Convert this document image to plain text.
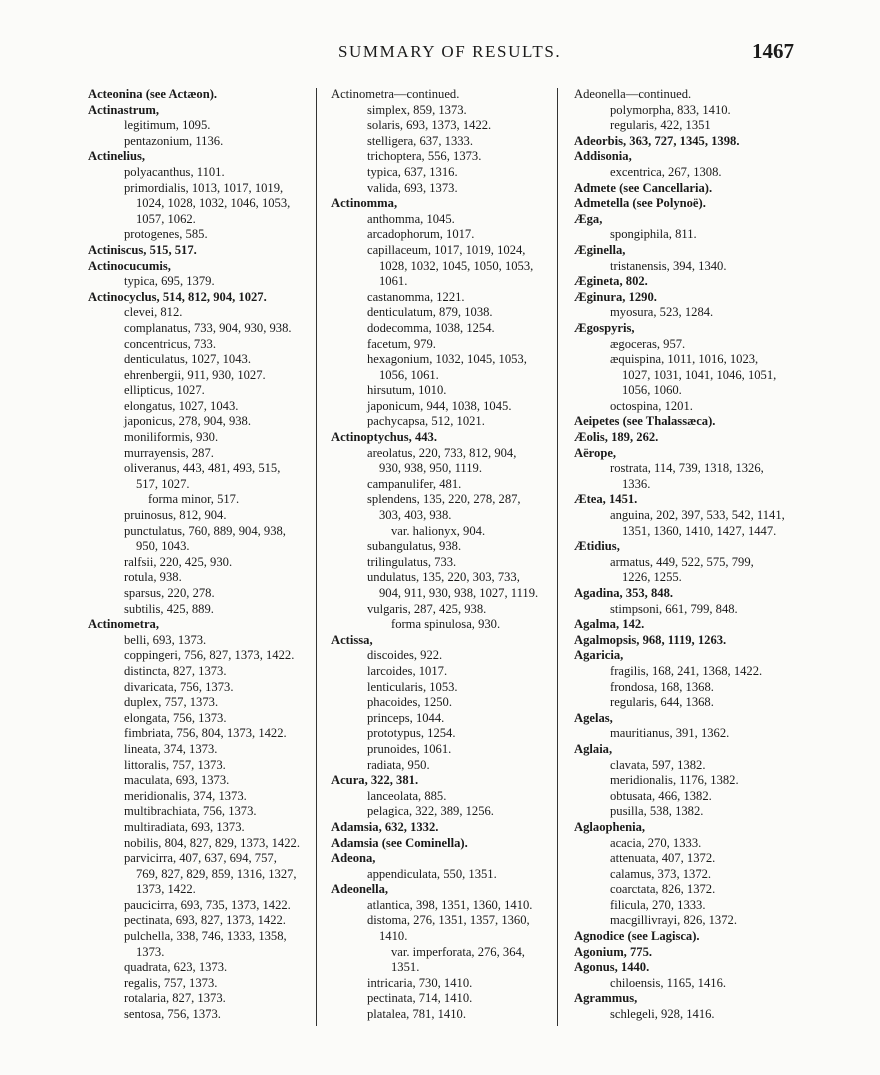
SUMMARY OF RESULTS.	1467
Acteonina (see Actæon).
Actinastrum,
legitimum, 1095.
pentazonium, 1136.
Actinelius,
polyacanthus, 1101.
primordialis, 1013, 1017, 1019,
1024, 1028, 1032, 1046, 1053,
1057, 1062.
protogenes, 585.
Actiniscus, 515, 517.
Actinocucumis,
typica, 695, 1379.
Actinocyclus, 514, 812, 904, 1027.
clevei, 812.
complanatus, 733, 904, 930, 938.
concentricus, 733.
denticulatus, 1027, 1043.
ehrenbergii, 911, 930, 1027.
ellipticus, 1027.
elongatus, 1027, 1043.
japonicus, 278, 904, 938.
moniliformis, 930.
murrayensis, 287.
oliveranus, 443, 481, 493, 515,
517, 1027.
forma minor, 517.
pruinosus, 812, 904.
punctulatus, 760, 889, 904, 938,
950, 1043.
ralfsii, 220, 425, 930.
rotula, 938.
sparsus, 220, 278.
subtilis, 425, 889.
Actinometra,
belli, 693, 1373.
coppingeri, 756, 827, 1373, 1422.
distincta, 827, 1373.
divaricata, 756, 1373.
duplex, 757, 1373.
elongata, 756, 1373.
fimbriata, 756, 804, 1373, 1422.
lineata, 374, 1373.
littoralis, 757, 1373.
maculata, 693, 1373.
meridionalis, 374, 1373.
multibrachiata, 756, 1373.
multiradiata, 693, 1373.
nobilis, 804, 827, 829, 1373, 1422.
parvicirra, 407, 637, 694, 757,
769, 827, 829, 859, 1316, 1327,
1373, 1422.
paucicirra, 693, 735, 1373, 1422.
pectinata, 693, 827, 1373, 1422.
pulchella, 338, 746, 1333, 1358,
1373.
quadrata, 623, 1373.
regalis, 757, 1373.
rotalaria, 827, 1373.
sentosa, 756, 1373.
Actinometra—continued.
simplex, 859, 1373.
solaris, 693, 1373, 1422.
stelligera, 637, 1333.
trichoptera, 556, 1373.
typica, 637, 1316.
valida, 693, 1373.
Actinomma,
anthomma, 1045.
arcadophorum, 1017.
capillaceum, 1017, 1019, 1024,
1028, 1032, 1045, 1050, 1053,
1061.
castanomma, 1221.
denticulatum, 879, 1038.
dodecomma, 1038, 1254.
facetum, 979.
hexagonium, 1032, 1045, 1053,
1056, 1061.
hirsutum, 1010.
japonicum, 944, 1038, 1045.
pachycapsa, 512, 1021.
Actinoptychus, 443.
areolatus, 220, 733, 812, 904,
930, 938, 950, 1119.
campanulifer, 481.
splendens, 135, 220, 278, 287,
303, 403, 938.
var. halionyx, 904.
subangulatus, 938.
trilingulatus, 733.
undulatus, 135, 220, 303, 733,
904, 911, 930, 938, 1027, 1119.
vulgaris, 287, 425, 938.
forma spinulosa, 930.
Actissa,
discoides, 922.
larcoides, 1017.
lenticularis, 1053.
phacoides, 1250.
princeps, 1044.
prototypus, 1254.
prunoides, 1061.
radiata, 950.
Acura, 322, 381.
lanceolata, 885.
pelagica, 322, 389, 1256.
Adamsia, 632, 1332.
Adamsia (see Cominella).
Adeona,
appendiculata, 550, 1351.
Adeonella,
atlantica, 398, 1351, 1360, 1410.
distoma, 276, 1351, 1357, 1360,
1410.
var. imperforata, 276, 364,
1351.
intricaria, 730, 1410.
pectinata, 714, 1410.
platalea, 781, 1410.
Adeonella—continued.
polymorpha, 833, 1410.
regularis, 422, 1351
Adeorbis, 363, 727, 1345, 1398.
Addisonia,
excentrica, 267, 1308.
Admete (see Cancellaria).
Admetella (see Polynoë).
Æga,
spongiphila, 811.
Æginella,
tristanensis, 394, 1340.
Ægineta, 802.
Æginura, 1290.
myosura, 523, 1284.
Ægospyris,
ægoceras, 957.
æquispina, 1011, 1016, 1023,
1027, 1031, 1041, 1046, 1051,
1056, 1060.
octospina, 1201.
Aeipetes (see Thalassæca).
Æolis, 189, 262.
Aërope,
rostrata, 114, 739, 1318, 1326,
1336.
Ætea, 1451.
anguina, 202, 397, 533, 542, 1141,
1351, 1360, 1410, 1427, 1447.
Ætidius,
armatus, 449, 522, 575, 799,
1226, 1255.
Agadina, 353, 848.
stimpsoni, 661, 799, 848.
Agalma, 142.
Agalmopsis, 968, 1119, 1263.
Agaricia,
fragilis, 168, 241, 1368, 1422.
frondosa, 168, 1368.
regularis, 644, 1368.
Agelas,
mauritianus, 391, 1362.
Aglaia,
clavata, 597, 1382.
meridionalis, 1176, 1382.
obtusata, 466, 1382.
pusilla, 538, 1382.
Aglaophenia,
acacia, 270, 1333.
attenuata, 407, 1372.
calamus, 373, 1372.
coarctata, 826, 1372.
filicula, 270, 1333.
macgillivrayi, 826, 1372.
Agnodice (see Lagisca).
Agonium, 775.
Agonus, 1440.
chiloensis, 1165, 1416.
Agrammus,
schlegeli, 928, 1416.
